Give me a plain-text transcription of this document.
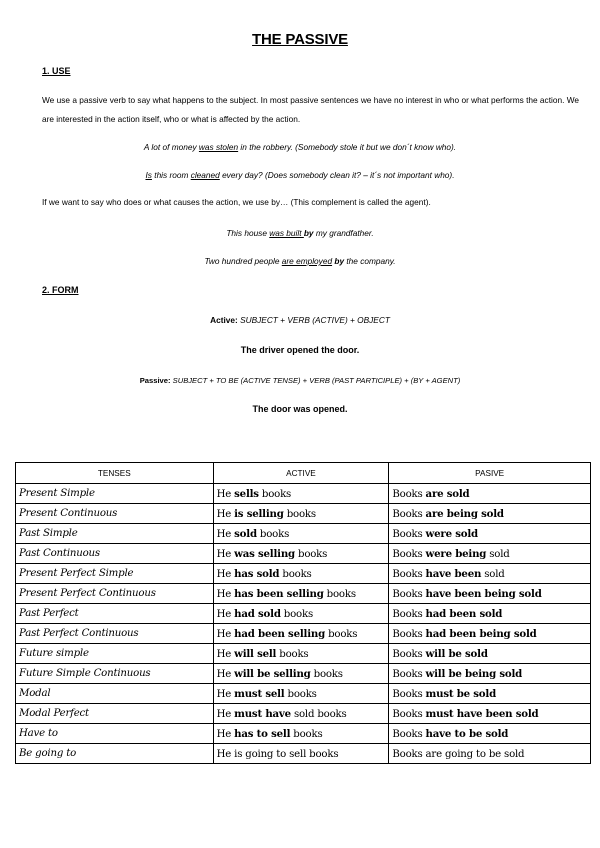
THE PASSIVE
1. USE
We use a passive verb to say what happens to the subject. In most passive sentences we have no interest in who or what performs the action. We are interested in the action itself, who or what is affected by the action.
A lot of money was stolen in the robbery. (Somebody stole it but we don´t know who).
Is this room cleaned every day? (Does somebody clean it? – it´s not important who).
If we want to say who does or what causes the action, we use by… (This complement is called the agent).
This house was built by my grandfather.
Two hundred people are employed by the company.
2. FORM
Active: SUBJECT + VERB (ACTIVE) + OBJECT
The driver opened the door.
Passive: SUBJECT + TO BE (ACTIVE TENSE) + VERB (PAST PARTICIPLE) + (BY + AGENT)
The door was opened.
TENSES	ACTIVE	PASIVE
Present Simple	He sells books	Books are sold
Present Continuous	He is selling books	Books are being sold
Past Simple	He sold books	Books were sold
Past Continuous	He was selling books	Books were being sold
Present Perfect Simple	He has sold books	Books have been sold
Present Perfect Continuous	He has been selling books	Books have been being sold
Past Perfect	He had sold books	Books had been sold
Past Perfect Continuous	He had been selling books	Books had been being sold
Future simple	He will sell books	Books will be sold
Future Simple Continuous	He will be selling books	Books will be being sold
Modal	He must sell books	Books must be sold
Modal Perfect	He must have sold books	Books must have been sold
Have to	He has to sell books	Books have to be sold
Be going to	He is going to sell books	Books are going to be sold
